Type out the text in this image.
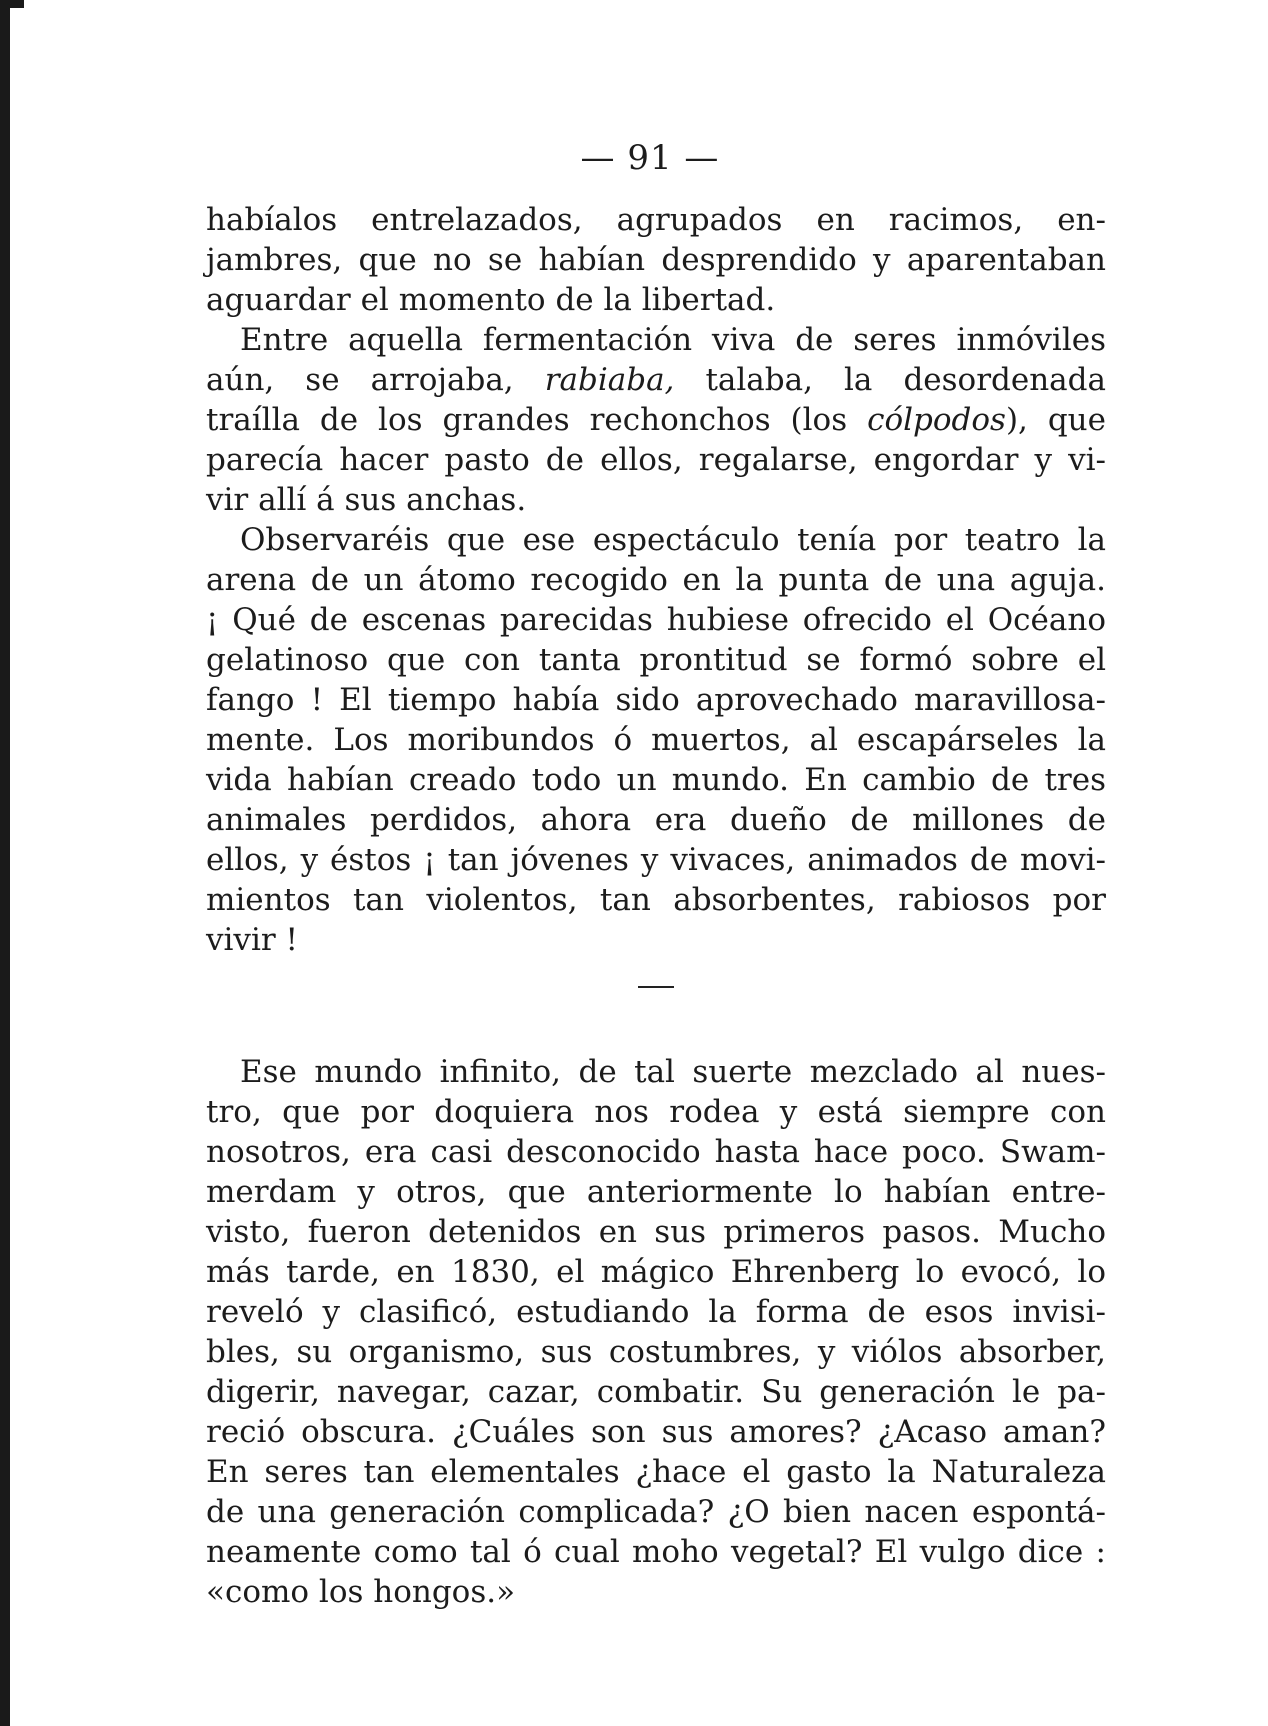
— 91 —
habíalos entrelazados, agrupados en racimos, en-
jambres, que no se habían desprendido y aparentaban
aguardar el momento de la libertad.
Entre aquella fermentación viva de seres inmóviles
aún, se arrojaba, rabiaba, talaba, la desordenada
traílla de los grandes rechonchos (los cólpodos), que
parecía hacer pasto de ellos, regalarse, engordar y vi-
vir allí á sus anchas.
Observaréis que ese espectáculo tenía por teatro la
arena de un átomo recogido en la punta de una aguja.
¡ Qué de escenas parecidas hubiese ofrecido el Océano
gelatinoso que con tanta prontitud se formó sobre el
fango ! El tiempo había sido aprovechado maravillosa-
mente. Los moribundos ó muertos, al escapárseles la
vida habían creado todo un mundo. En cambio de tres
animales perdidos, ahora era dueño de millones de
ellos, y éstos ¡ tan jóvenes y vivaces, animados de movi-
mientos tan violentos, tan absorbentes, rabiosos por
vivir !
Ese mundo infinito, de tal suerte mezclado al nues-
tro, que por doquiera nos rodea y está siempre con
nosotros, era casi desconocido hasta hace poco. Swam-
merdam y otros, que anteriormente lo habían entre-
visto, fueron detenidos en sus primeros pasos. Mucho
más tarde, en 1830, el mágico Ehrenberg lo evocó, lo
reveló y clasificó, estudiando la forma de esos invisi-
bles, su organismo, sus costumbres, y viólos absorber,
digerir, navegar, cazar, combatir. Su generación le pa-
reció obscura. ¿Cuáles son sus amores? ¿Acaso aman?
En seres tan elementales ¿hace el gasto la Naturaleza
de una generación complicada? ¿O bien nacen espontá-
neamente como tal ó cual moho vegetal? El vulgo dice :
«como los hongos.»
